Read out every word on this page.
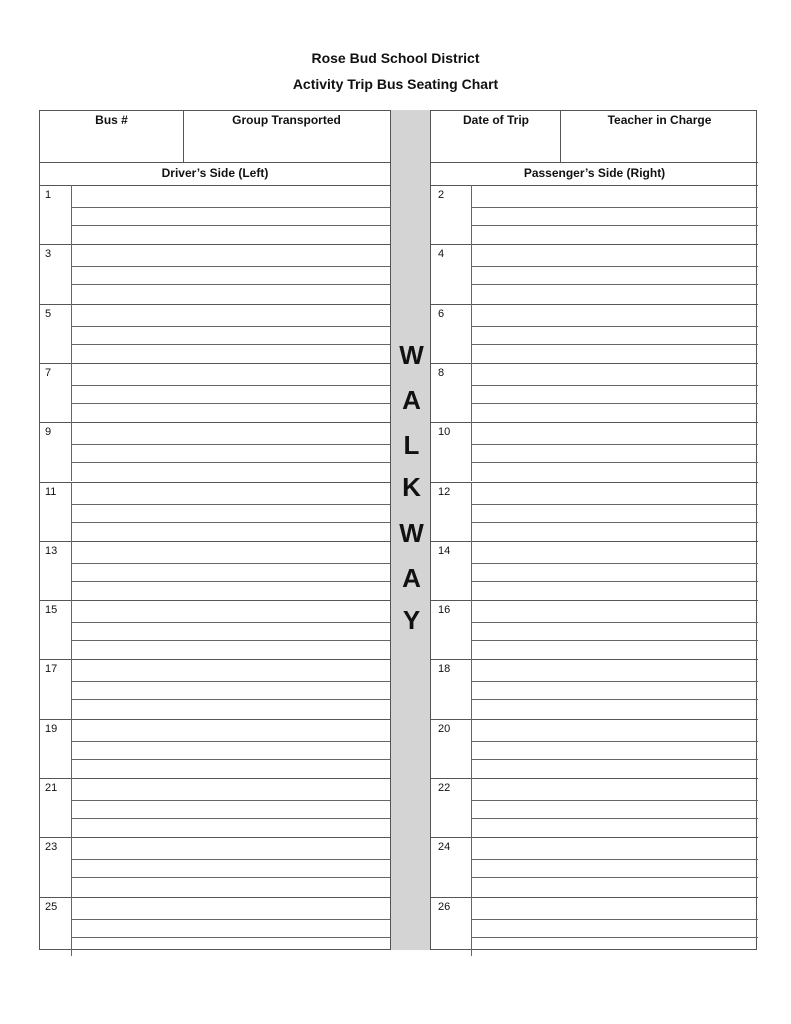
Rose Bud School District
Activity Trip Bus Seating Chart
Bus #	Group Transported	Date of Trip	Teacher in Charge
Driver’s Side (Left)	Passenger’s Side (Right)
W
A
L
K
W
A
Y
1	2
3	4
5	6
7	8
9	10
11	12
13	14
15	16
17	18
19	20
21	22
23	24
25	26
